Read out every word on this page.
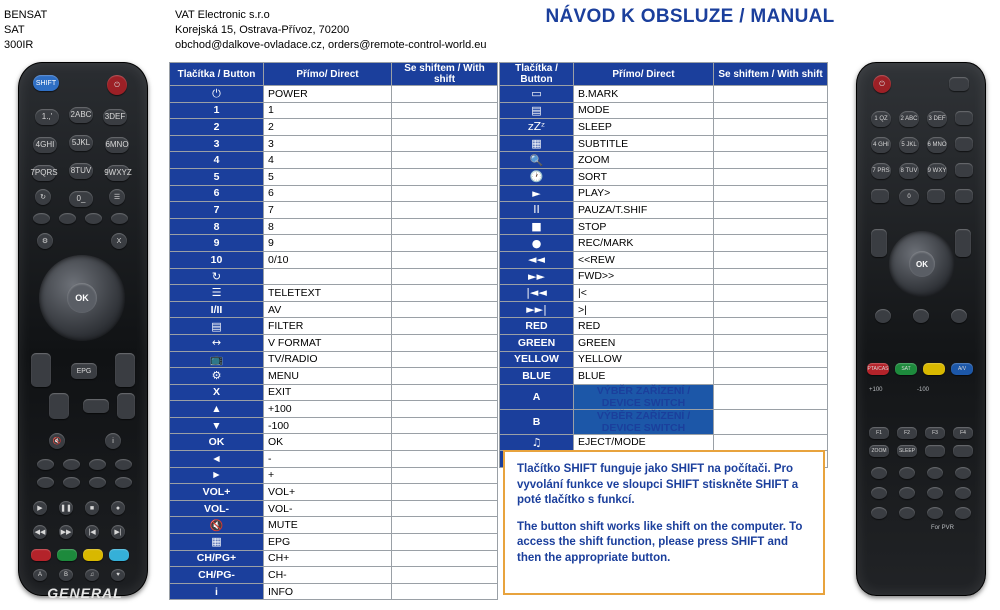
BENSAT
SAT
300IR
VAT Electronic s.r.o
Korejská 15, Ostrava-Přívoz, 70200
obchod@dalkove-ovladace.cz, orders@remote-control-world.eu
NÁVOD K OBSLUZE / MANUAL
Tlačítka / Button	Přímo/ Direct	Se shiftem / With shift
⏻	POWER	
1	1	
2	2	
3	3	
4	4	
5	5	
6	6	
7	7	
8	8	
9	9	
10	0/10	
↻		
☰	TELETEXT	
I/II	AV	
▤	FILTER	
↔	V FORMAT	
📺	TV/RADIO	
⚙	MENU	
X	EXIT	
▲	+100	
▼	-100	
OK	OK	
◄	-	
►	+	
VOL+	VOL+	
VOL-	VOL-	
🔇	MUTE	
▦	EPG	
CH/PG+	CH+	
CH/PG-	CH-	
i	INFO	
Tlačítka / Button	Přímo/ Direct	Se shiftem / With shift
▭	B.MARK	
▤	MODE	
zZᶻ	SLEEP	
▦	SUBTITLE	
🔍	ZOOM	
🕐	SORT	
►	PLAY>	
II	PAUZA/T.SHIF	
■	STOP	
●	REC/MARK	
◄◄	<<REW	
►►	FWD>>	
|◄◄	|<	
►►|	>|	
RED	RED	
GREEN	GREEN	
YELLOW	YELLOW	
BLUE	BLUE	
A	VÝBĚR ZAŘÍZENÍ / DEVICE SWITCH	
B	VÝBĚR ZAŘÍZENÍ / DEVICE SWITCH	
♫	EJECT/MODE	

Tlačítko SHIFT funguje jako SHIFT na počítači. Pro vyvolání funkce ve sloupci SHIFT stiskněte SHIFT a poté tlačítko s funkcí.

The button shift works like shift on the computer. To access the shift function, please press SHIFT and then the appropriate button.

SHIFT	⏻
1.,'	2ABC 3DEF
4GHI	5JKL	6MNO
7PQRS 8TUV 9WXYZ
0_
↻	☰
⚙	X
OK
EPG
🔇	i
▶	❚❚	■	●
◀◀ ▶▶	|◀	▶|
A	B	♫	♥
GENERAL
⏻
1 QZ	2 ABC 3 DEF
4 GHI	5 JKL	6 MNO
7 PRS 8 TUV 9 WXY
0
OK
PTA/CAS	SAT	A/V
+100	-100
F1	F2	F3	F4
ZOOM	SLEEP
For PVR
